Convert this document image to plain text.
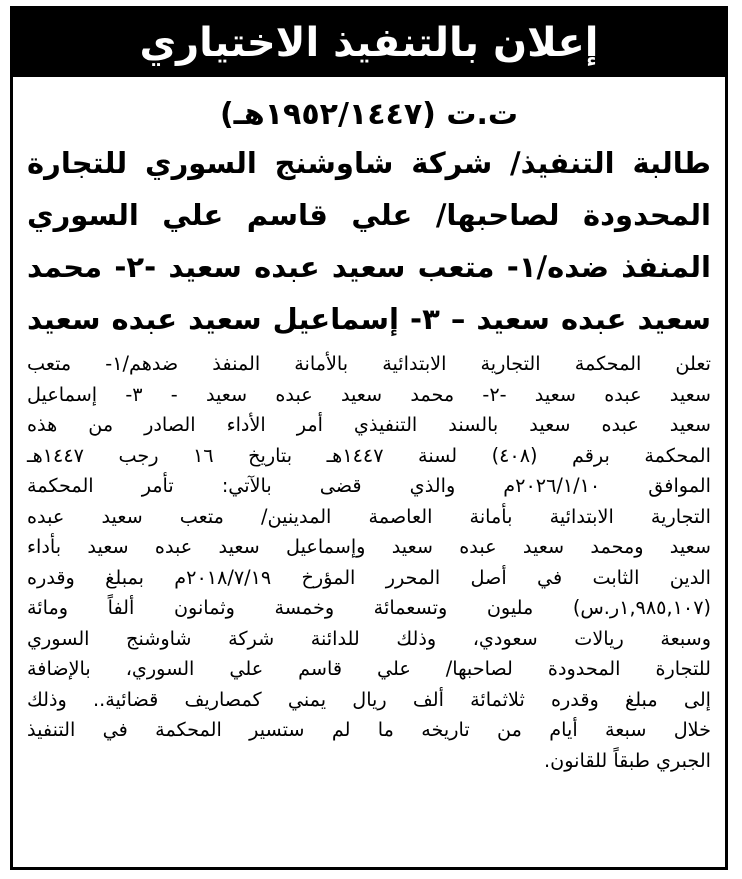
إعلان بالتنفيذ الاختياري
ت.ت (١٩٥٢/١٤٤٧هـ)
طالبة التنفيذ/ شركة شاوشنج السوري للتجارة
المحدودة لصاحبها/ علي قاسم علي السوري
المنفذ ضده/١- متعب سعيد عبده سعيد -٢- محمد
سعيد عبده سعيد – ٣- إسماعيل سعيد عبده سعيد
تعلن المحكمة التجارية الابتدائية بالأمانة المنفذ ضدهم/١- متعب
سعيد عبده سعيد -٢- محمد سعيد عبده سعيد - ٣- إسماعيل
سعيد عبده سعيد بالسند التنفيذي أمر الأداء الصادر من هذه
المحكمة برقم (٤٠٨) لسنة ١٤٤٧هـ بتاريخ ١٦ رجب ١٤٤٧هـ
الموافق ٢٠٢٦/١/١٠م والذي قضى بالآتي: تأمر المحكمة
التجارية الابتدائية بأمانة العاصمة المدينين/ متعب سعيد عبده
سعيد ومحمد سعيد عبده سعيد وإسماعيل سعيد عبده سعيد بأداء
الدين الثابت في أصل المحرر المؤرخ ٢٠١٨/٧/١٩م بمبلغ وقدره
(١,٩٨٥,١٠٧ر.س) مليون وتسعمائة وخمسة وثمانون ألفاً ومائة
وسبعة ريالات سعودي، وذلك للدائنة شركة شاوشنج السوري
للتجارة المحدودة لصاحبها/ علي قاسم علي السوري، بالإضافة
إلى مبلغ وقدره ثلاثمائة ألف ريال يمني كمصاريف قضائية.. وذلك
خلال سبعة أيام من تاريخه ما لم ستسير المحكمة في التنفيذ
الجبري طبقاً للقانون.
